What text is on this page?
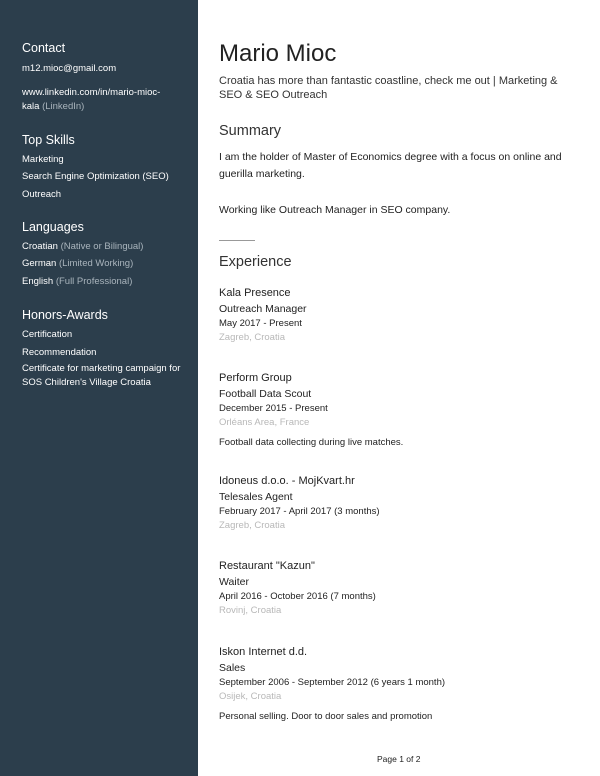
Contact
m12.mioc@gmail.com
www.linkedin.com/in/mario-mioc-
kala (LinkedIn)
Top Skills
Marketing
Search Engine Optimization (SEO)
Outreach
Languages
Croatian (Native or Bilingual)
German (Limited Working)
English (Full Professional)
Honors-Awards
Certification
Recommendation
Certificate for marketing campaign for SOS Children's Village Croatia
Mario Mioc
Croatia has more than fantastic coastline, check me out | Marketing & SEO & SEO Outreach
Summary
I am the holder of Master of Economics degree with a focus on online and guerilla marketing.
Working like Outreach Manager in SEO company.
Experience
Kala Presence
Outreach Manager
May 2017 - Present
Zagreb, Croatia
Perform Group
Football Data Scout
December 2015 - Present
Orléans Area, France
Football data collecting during live matches.
Idoneus d.o.o. - MojKvart.hr
Telesales Agent
February 2017 - April 2017 (3 months)
Zagreb, Croatia
Restaurant "Kazun"
Waiter
April 2016 - October 2016 (7 months)
Rovinj, Croatia
Iskon Internet d.d.
Sales
September 2006 - September 2012 (6 years 1 month)
Osijek, Croatia
Personal selling. Door to door sales and promotion
Page 1 of 2
